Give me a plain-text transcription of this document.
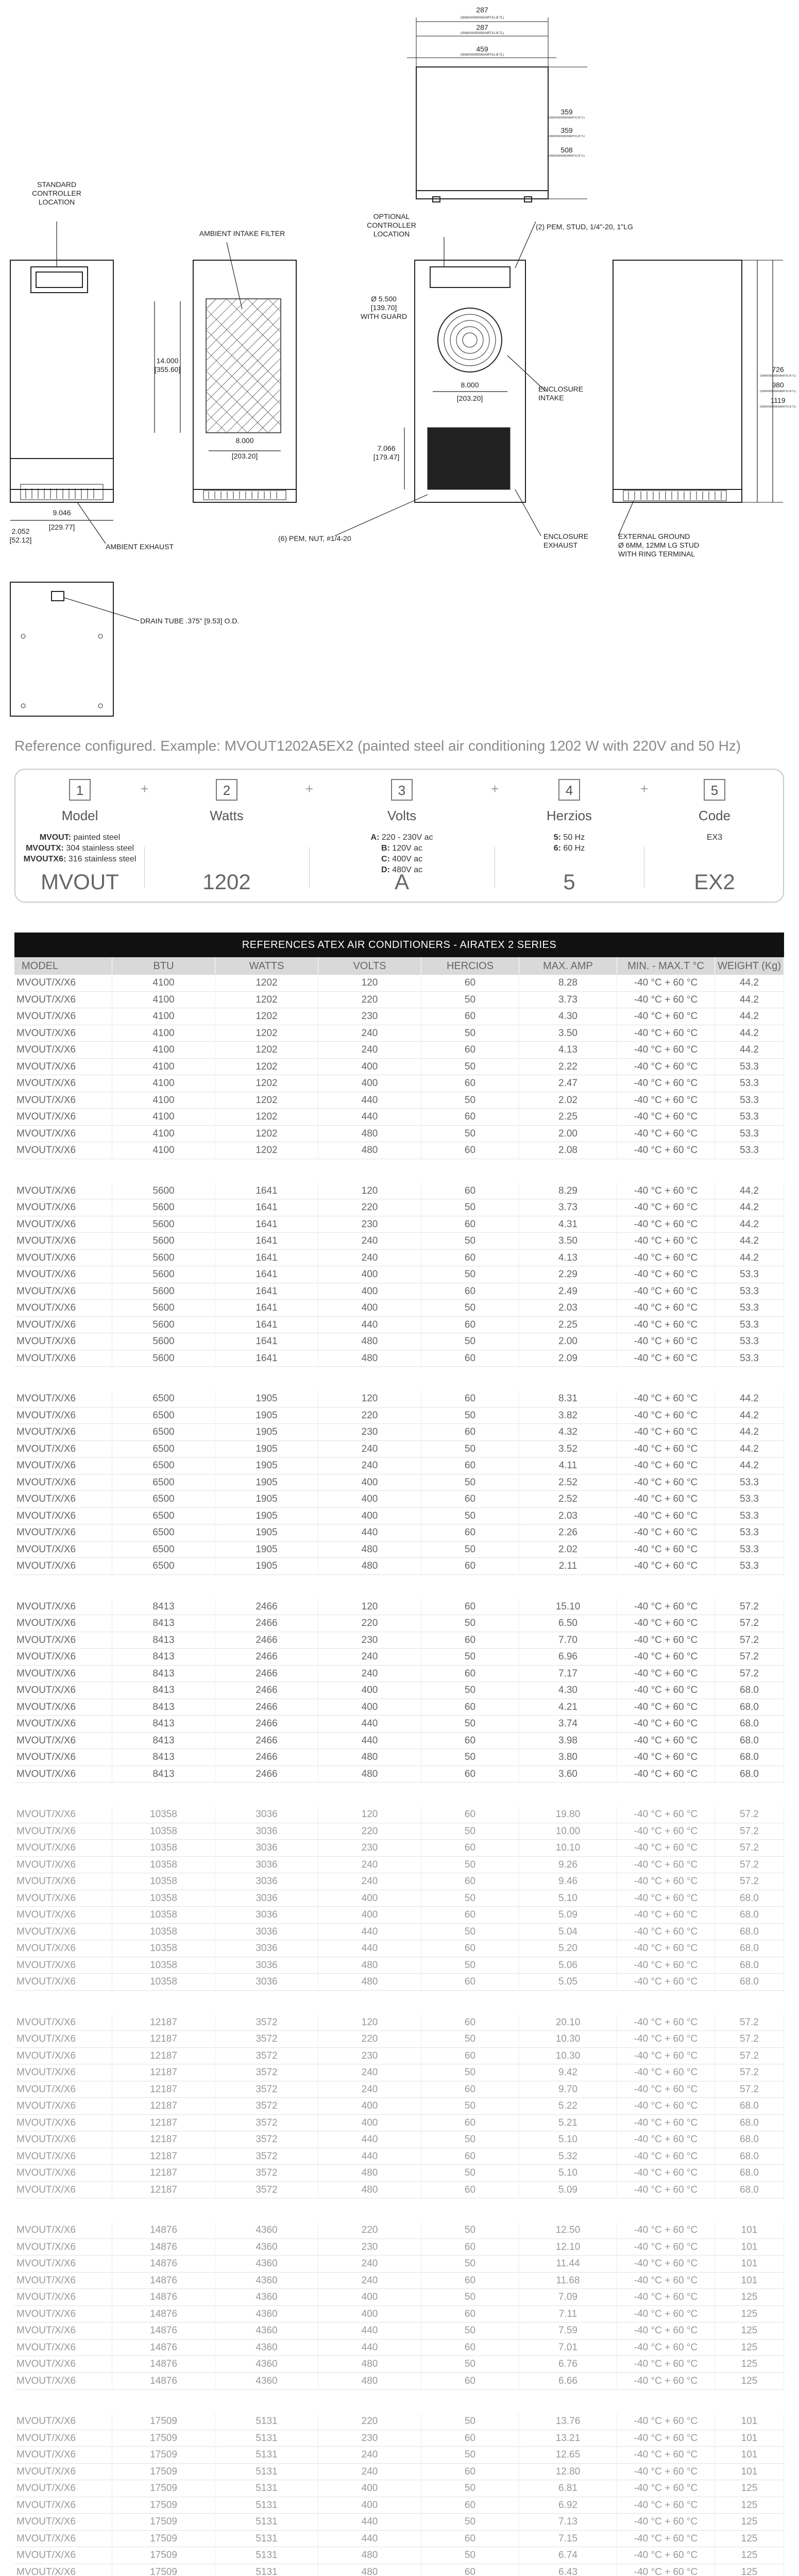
287
(SNWX00000000AIRTX1-B TL)
287
(SNWX00000000AIRTX1-B TL)
459
(SNWX00000000AIRTX1-B TL)
359
(SNWX00000000AIRTX1-B TL)
359
(SNWX00000000AIRTX1-B TL)
508
(SNWX00000000AIRTX1-B TL)
STANDARD
CONTROLLER
LOCATION
AMBIENT INTAKE FILTER
OPTIONAL
CONTROLLER
LOCATION
(2) PEM, STUD, 1/4"-20, 1"LG
Ø 5.500
[139.70]
WITH GUARD
ENCLOSURE
INTAKE
14.000
[355.60]
8.000
[203.20]
8.000
[203.20]
7.066
[179.47]
9.046
[229.77]
2.052
[52.12]
AMBIENT EXHAUST
(6) PEM, NUT, #1/4-20	ENCLOSURE
EXHAUST
EXTERNAL GROUND
Ø 6MM, 12MM LG STUD
WITH RING TERMINAL
726
(SNWX00000000AIRTX1-B TL)
980
(SNWX00000000AIRTX1-B TL)
1119
(SNWX00000000AIRTX1-B TL)
DRAIN TUBE .375" [9.53] O.D.
Reference configured. Example: MVOUT1202A5EX2 (painted steel air conditioning 1202 W with 220V and 50 Hz)
1
Model
MVOUT: painted steel
MVOUTX: 304 stainless steel
MVOUTX6: 316 stainless steel
MVOUT
2
Watts
1202
+	3
Volts
A: 220 - 230V ac
B: 120V ac
C: 400V ac
D: 480V ac
A
+	4
Herzios
5: 50 Hz
6: 60 Hz
5
+	5
Code
EX3
EX2
+
REFERENCES ATEX AIR CONDITIONERS - AIRATEX 2 SERIES
MODEL	BTU	WATTS	VOLTS	HERCIOS	MAX. AMP	MIN. - MAX.T °C	WEIGHT (Kg)
MVOUT/X/X6	4100	1202	120	60	8.28	-40 °C + 60 °C	44.2
MVOUT/X/X6	4100	1202	220	50	3.73	-40 °C + 60 °C	44.2
MVOUT/X/X6	4100	1202	230	60	4.30	-40 °C + 60 °C	44.2
MVOUT/X/X6	4100	1202	240	50	3.50	-40 °C + 60 °C	44.2
MVOUT/X/X6	4100	1202	240	60	4.13	-40 °C + 60 °C	44.2
MVOUT/X/X6	4100	1202	400	50	2.22	-40 °C + 60 °C	53.3
MVOUT/X/X6	4100	1202	400	60	2.47	-40 °C + 60 °C	53.3
MVOUT/X/X6	4100	1202	440	50	2.02	-40 °C + 60 °C	53.3
MVOUT/X/X6	4100	1202	440	60	2.25	-40 °C + 60 °C	53.3
MVOUT/X/X6	4100	1202	480	50	2.00	-40 °C + 60 °C	53.3
MVOUT/X/X6	4100	1202	480	60	2.08	-40 °C + 60 °C	53.3
MVOUT/X/X6	5600	1641	120	60	8.29	-40 °C + 60 °C	44.2
MVOUT/X/X6	5600	1641	220	50	3.73	-40 °C + 60 °C	44.2
MVOUT/X/X6	5600	1641	230	60	4.31	-40 °C + 60 °C	44.2
MVOUT/X/X6	5600	1641	240	50	3.50	-40 °C + 60 °C	44.2
MVOUT/X/X6	5600	1641	240	60	4.13	-40 °C + 60 °C	44.2
MVOUT/X/X6	5600	1641	400	50	2.29	-40 °C + 60 °C	53.3
MVOUT/X/X6	5600	1641	400	60	2.49	-40 °C + 60 °C	53.3
MVOUT/X/X6	5600	1641	400	50	2.03	-40 °C + 60 °C	53.3
MVOUT/X/X6	5600	1641	440	60	2.25	-40 °C + 60 °C	53.3
MVOUT/X/X6	5600	1641	480	50	2.00	-40 °C + 60 °C	53.3
MVOUT/X/X6	5600	1641	480	60	2.09	-40 °C + 60 °C	53.3
MVOUT/X/X6	6500	1905	120	60	8.31	-40 °C + 60 °C	44.2
MVOUT/X/X6	6500	1905	220	50	3.82	-40 °C + 60 °C	44.2
MVOUT/X/X6	6500	1905	230	60	4.32	-40 °C + 60 °C	44.2
MVOUT/X/X6	6500	1905	240	50	3.52	-40 °C + 60 °C	44.2
MVOUT/X/X6	6500	1905	240	60	4.11	-40 °C + 60 °C	44.2
MVOUT/X/X6	6500	1905	400	50	2.52	-40 °C + 60 °C	53.3
MVOUT/X/X6	6500	1905	400	60	2.52	-40 °C + 60 °C	53.3
MVOUT/X/X6	6500	1905	400	50	2.03	-40 °C + 60 °C	53.3
MVOUT/X/X6	6500	1905	440	60	2.26	-40 °C + 60 °C	53.3
MVOUT/X/X6	6500	1905	480	50	2.02	-40 °C + 60 °C	53.3
MVOUT/X/X6	6500	1905	480	60	2.11	-40 °C + 60 °C	53.3
MVOUT/X/X6	8413	2466	120	60	15.10	-40 °C + 60 °C	57.2
MVOUT/X/X6	8413	2466	220	50	6.50	-40 °C + 60 °C	57.2
MVOUT/X/X6	8413	2466	230	60	7.70	-40 °C + 60 °C	57.2
MVOUT/X/X6	8413	2466	240	50	6.96	-40 °C + 60 °C	57.2
MVOUT/X/X6	8413	2466	240	60	7.17	-40 °C + 60 °C	57.2
MVOUT/X/X6	8413	2466	400	50	4.30	-40 °C + 60 °C	68.0
MVOUT/X/X6	8413	2466	400	60	4.21	-40 °C + 60 °C	68.0
MVOUT/X/X6	8413	2466	440	50	3.74	-40 °C + 60 °C	68.0
MVOUT/X/X6	8413	2466	440	60	3.98	-40 °C + 60 °C	68.0
MVOUT/X/X6	8413	2466	480	50	3.80	-40 °C + 60 °C	68.0
MVOUT/X/X6	8413	2466	480	60	3.60	-40 °C + 60 °C	68.0
MVOUT/X/X6	10358	3036	120	60	19.80	-40 °C + 60 °C	57.2
MVOUT/X/X6	10358	3036	220	50	10.00	-40 °C + 60 °C	57.2
MVOUT/X/X6	10358	3036	230	60	10.10	-40 °C + 60 °C	57.2
MVOUT/X/X6	10358	3036	240	50	9.26	-40 °C + 60 °C	57.2
MVOUT/X/X6	10358	3036	240	60	9.46	-40 °C + 60 °C	57.2
MVOUT/X/X6	10358	3036	400	50	5.10	-40 °C + 60 °C	68.0
MVOUT/X/X6	10358	3036	400	60	5.09	-40 °C + 60 °C	68.0
MVOUT/X/X6	10358	3036	440	50	5.04	-40 °C + 60 °C	68.0
MVOUT/X/X6	10358	3036	440	60	5.20	-40 °C + 60 °C	68.0
MVOUT/X/X6	10358	3036	480	50	5.06	-40 °C + 60 °C	68.0
MVOUT/X/X6	10358	3036	480	60	5.05	-40 °C + 60 °C	68.0
MVOUT/X/X6	12187	3572	120	60	20.10	-40 °C + 60 °C	57.2
MVOUT/X/X6	12187	3572	220	50	10.30	-40 °C + 60 °C	57.2
MVOUT/X/X6	12187	3572	230	60	10.30	-40 °C + 60 °C	57.2
MVOUT/X/X6	12187	3572	240	50	9.42	-40 °C + 60 °C	57.2
MVOUT/X/X6	12187	3572	240	60	9.70	-40 °C + 60 °C	57.2
MVOUT/X/X6	12187	3572	400	50	5.22	-40 °C + 60 °C	68.0
MVOUT/X/X6	12187	3572	400	60	5.21	-40 °C + 60 °C	68.0
MVOUT/X/X6	12187	3572	440	50	5.10	-40 °C + 60 °C	68.0
MVOUT/X/X6	12187	3572	440	60	5.32	-40 °C + 60 °C	68.0
MVOUT/X/X6	12187	3572	480	50	5.10	-40 °C + 60 °C	68.0
MVOUT/X/X6	12187	3572	480	60	5.09	-40 °C + 60 °C	68.0
MVOUT/X/X6	14876	4360	220	50	12.50	-40 °C + 60 °C	101
MVOUT/X/X6	14876	4360	230	60	12.10	-40 °C + 60 °C	101
MVOUT/X/X6	14876	4360	240	50	11.44	-40 °C + 60 °C	101
MVOUT/X/X6	14876	4360	240	60	11.68	-40 °C + 60 °C	101
MVOUT/X/X6	14876	4360	400	50	7.09	-40 °C + 60 °C	125
MVOUT/X/X6	14876	4360	400	60	7.11	-40 °C + 60 °C	125
MVOUT/X/X6	14876	4360	440	50	7.59	-40 °C + 60 °C	125
MVOUT/X/X6	14876	4360	440	60	7.01	-40 °C + 60 °C	125
MVOUT/X/X6	14876	4360	480	50	6.76	-40 °C + 60 °C	125
MVOUT/X/X6	14876	4360	480	60	6.66	-40 °C + 60 °C	125
MVOUT/X/X6	17509	5131	220	50	13.76	-40 °C + 60 °C	101
MVOUT/X/X6	17509	5131	230	60	13.21	-40 °C + 60 °C	101
MVOUT/X/X6	17509	5131	240	50	12.65	-40 °C + 60 °C	101
MVOUT/X/X6	17509	5131	240	60	12.80	-40 °C + 60 °C	101
MVOUT/X/X6	17509	5131	400	50	6.81	-40 °C + 60 °C	125
MVOUT/X/X6	17509	5131	400	60	6.92	-40 °C + 60 °C	125
MVOUT/X/X6	17509	5131	440	50	7.13	-40 °C + 60 °C	125
MVOUT/X/X6	17509	5131	440	60	7.15	-40 °C + 60 °C	125
MVOUT/X/X6	17509	5131	480	50	6.74	-40 °C + 60 °C	125
MVOUT/X/X6	17509	5131	480	60	6.43	-40 °C + 60 °C	125
